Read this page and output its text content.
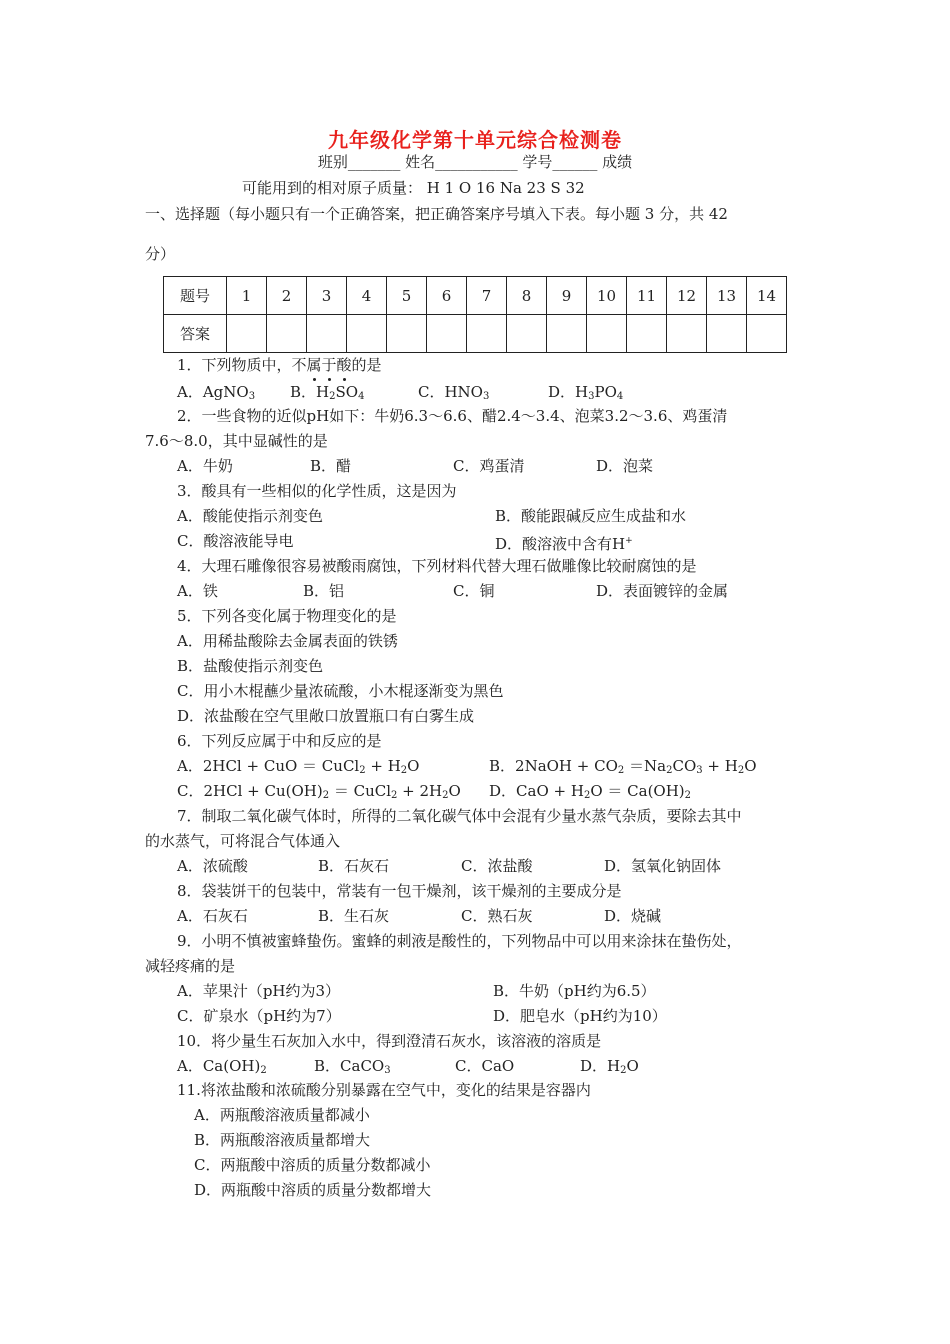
九年级化学第十单元综合检测卷
班别_______ 姓名___________ 学号______ 成绩
可能用到的相对原子质量： H 1 O 16 Na 23 S 32
一、选择题（每小题只有一个正确答案，把正确答案序号填入下表。每小题 3 分，共 42
分）
题号	1	2	3	4	5	6	7	8	9	10	11	12	13	14
答案														
1．下列物质中，不属于酸的是
A．AgNO$_3$ B．$H_2SO_4$	C．$HNO_3$	D．$H_3PO_4$
2．一些食物的近似pH如下：牛奶6.3～6.6、醋2.4～3.4、泡菜3.2～3.6、鸡蛋清
7.6～8.0，其中显碱性的是
A．牛奶	B．醋	C．鸡蛋清	D．泡菜
3．酸具有一些相似的化学性质，这是因为
A．酸能使指示剂变色	B．酸能跟碱反应生成盐和水
C．酸溶液能导电	D．酸溶液中含有H+
4．大理石雕像很容易被酸雨腐蚀，下列材料代替大理石做雕像比较耐腐蚀的是
A．铁	B．铝	C．铜	D．表面镀锌的金属
5．下列各变化属于物理变化的是
A．用稀盐酸除去金属表面的铁锈
B．盐酸使指示剂变色
C．用小木棍蘸少量浓硫酸，小木棍逐渐变为黑色
D．浓盐酸在空气里敞口放置瓶口有白雾生成
6．下列反应属于中和反应的是
A．2HCl + CuO ＝ CuCl$_2$ + $H_2O$	B．2NaOH + $CO_2 =Na_2CO_3 + H_2O$
C．$2HCl + Cu(OH)_2$ ＝ CuCl$_2$ + $2H_2O$ D．CaO + $H_2O = Ca(OH)_2$
7．制取二氧化碳气体时，所得的二氧化碳气体中会混有少量水蒸气杂质，要除去其中
的水蒸气，可将混合气体通入
A．浓硫酸	B．石灰石	C．浓盐酸	D．氢氧化钠固体
8．袋装饼干的包装中，常装有一包干燥剂，该干燥剂的主要成分是
A．石灰石	B．生石灰	C．熟石灰	D．烧碱
9．小明不慎被蜜蜂蛰伤。蜜蜂的刺液是酸性的，下列物品中可以用来涂抹在蛰伤处，
减轻疼痛的是
A．苹果汁（pH约为3）	B．牛奶（pH约为6.5）
C．矿泉水（pH约为7）	D．肥皂水（pH约为10）
10．将少量生石灰加入水中，得到澄清石灰水，该溶液的溶质是
A．$Ca(OH)_2$	B．CaCO$_3$	C．CaO	D．$H_2O$
11.将浓盐酸和浓硫酸分别暴露在空气中，变化的结果是容器内
A．两瓶酸溶液质量都减小
B．两瓶酸溶液质量都增大
C．两瓶酸中溶质的质量分数都减小
D．两瓶酸中溶质的质量分数都增大
